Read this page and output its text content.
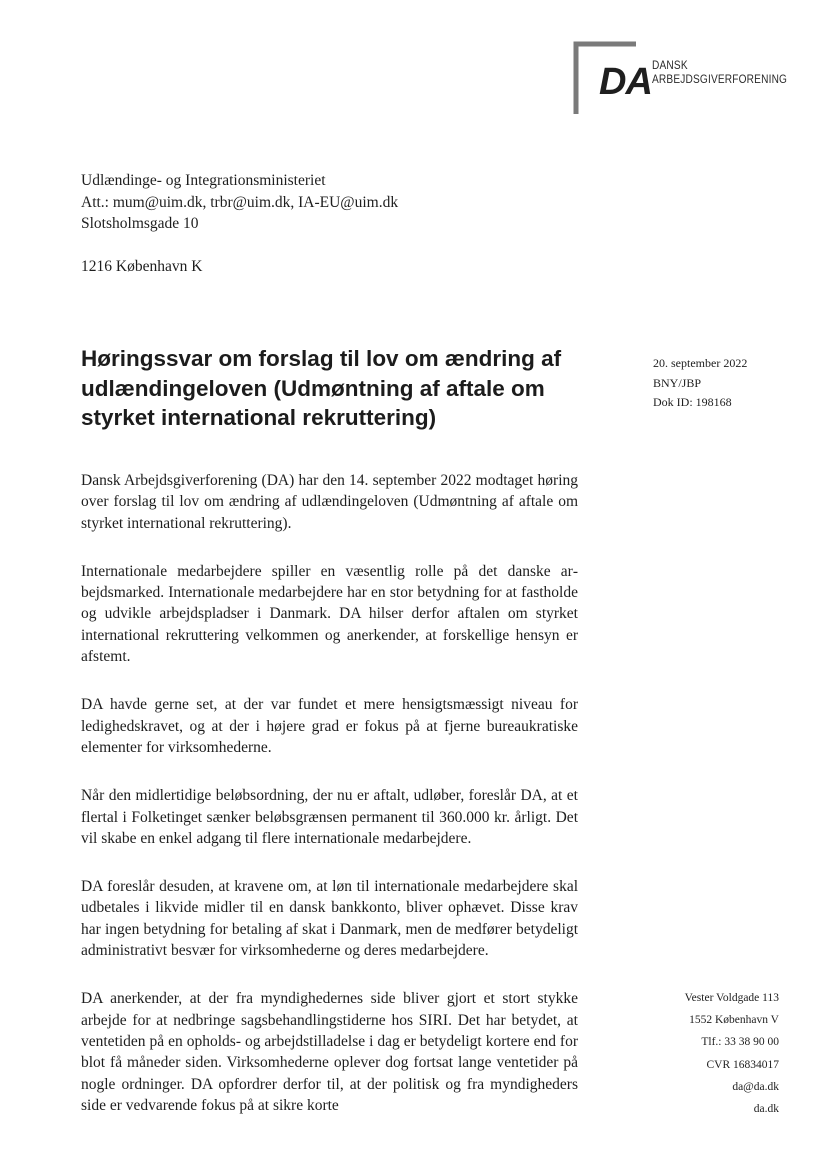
DA DANSK
ARBEJDSGIVERFORENING
Udlændinge- og Integrationsministeriet
Att.: mum@uim.dk, trbr@uim.dk, IA-EU@uim.dk
Slotsholmsgade 10
1216 København K
Høringssvar om forslag til lov om ændring af udlændingeloven (Udmøntning af aftale om styrket international rekruttering)
20. september 2022
BNY/JBP
Dok ID: 198168

Dansk Arbejdsgiverforening (DA) har den 14. september 2022 modtaget høring over forslag til lov om ændring af udlændingeloven (Udmøntning af aftale om styrket international rekruttering).

Internationale medarbejdere spiller en væsentlig rolle på det danske arbejdsmarked. Internationale medarbejdere har en stor betydning for at fastholde og udvikle arbejdspladser i Danmark. DA hilser derfor aftalen om styrket international rekruttering velkommen og anerkender, at forskellige hensyn er afstemt.

DA havde gerne set, at der var fundet et mere hensigtsmæssigt niveau for ledighedskravet, og at der i højere grad er fokus på at fjerne bureaukratiske elementer for virksomhederne.

Når den midlertidige beløbsordning, der nu er aftalt, udløber, foreslår DA, at et flertal i Folketinget sænker beløbsgrænsen permanent til 360.000 kr. årligt. Det vil skabe en enkel adgang til flere internationale medarbejdere.

DA foreslår desuden, at kravene om, at løn til internationale medarbejdere skal udbetales i likvide midler til en dansk bankkonto, bliver ophævet. Disse krav har ingen betydning for betaling af skat i Danmark, men de medfører betydeligt administrativt besvær for virksomhederne og deres medarbejdere.

DA anerkender, at der fra myndighedernes side bliver gjort et stort stykke arbejde for at nedbringe sagsbehandlingstiderne hos SIRI. Det har betydet, at ventetiden på en opholds- og arbejdstilladelse i dag er betydeligt kortere end for blot få måneder siden. Virksomhederne oplever dog fortsat lange ventetider på nogle ordninger. DA opfordrer derfor til, at der politisk og fra myndigheders side er vedvarende fokus på at sikre korte

Vester Voldgade 113
1552 København V
Tlf.: 33 38 90 00
CVR 16834017
da@da.dk
da.dk
